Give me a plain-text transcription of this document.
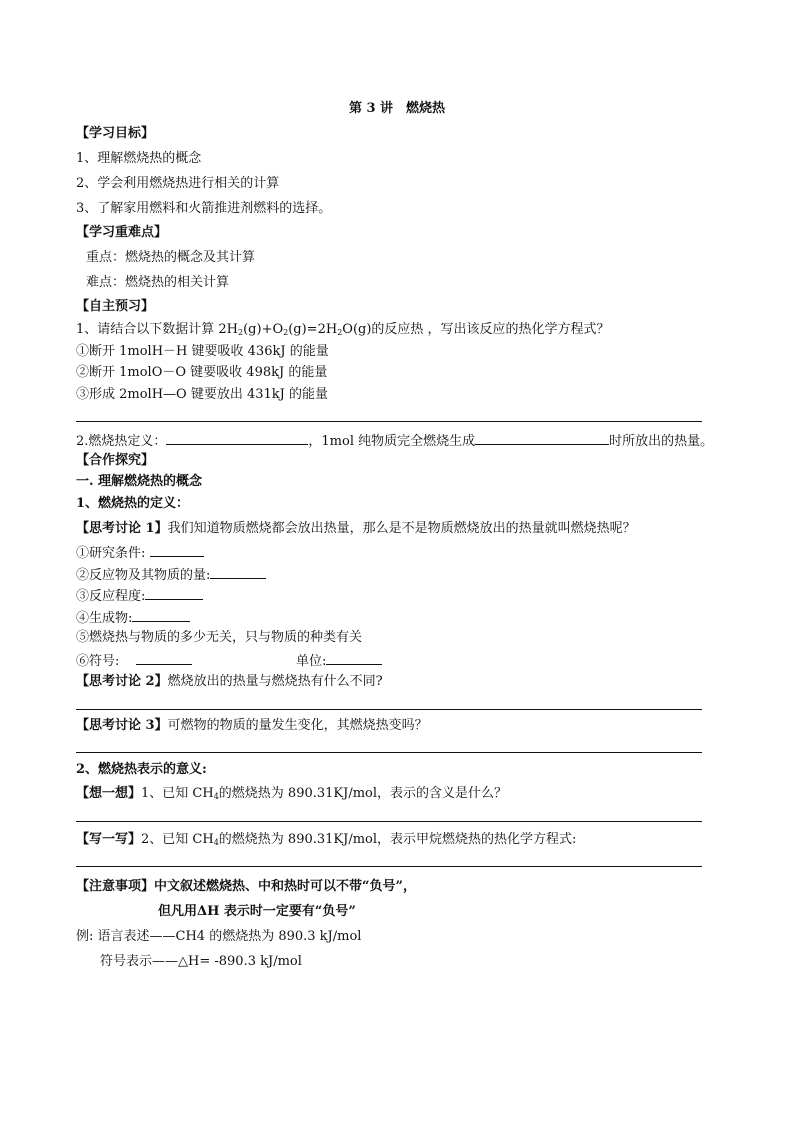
第 3 讲　燃烧热
【学习目标】
1、理解燃烧热的概念
2、学会利用燃烧热进行相关的计算
3、了解家用燃料和火箭推进剂燃料的选择。
【学习重难点】
重点：燃烧热的概念及其计算
难点：燃烧热的相关计算
【自主预习】
1、请结合以下数据计算 $2H_2(g)+O_2(g)=2H_2O(g)$的反应热 ，写出该反应的热化学方程式？
①断开 1molH－H 键要吸收 436kJ 的能量
②断开 1molO－O 键要吸收 498kJ 的能量
③形成 2molH—O 键要放出 431kJ 的能量
2.燃烧热定义：	，1mol 纯物质完全燃烧生成	时所放出的热量。
【合作探究】
一. 理解燃烧热的概念
1、燃烧热的定义：
【思考讨论 1】我们知道物质燃烧都会放出热量，那么是不是物质燃烧放出的热量就叫燃烧热呢？
①研究条件:
②反应物及其物质的量:
③反应程度:
④生成物:
⑤燃烧热与物质的多少无关，只与物质的种类有关
⑥符号:	单位:
【思考讨论 2】燃烧放出的热量与燃烧热有什么不同?
【思考讨论 3】可燃物的物质的量发生变化，其燃烧热变吗？
2、燃烧热表示的意义:
【想一想】1、已知 $CH_4$的燃烧热为 890.31KJ/mol，表示的含义是什么？
【写一写】2、已知 $CH_4$的燃烧热为 890.31KJ/mol，表示甲烷燃烧热的热化学方程式:
【注意事项】中文叙述燃烧热、中和热时可以不带“负号”，
但凡用ΔH 表示时一定要有“负号”
例: 语言表述——CH4 的燃烧热为 890.3 kJ/mol
符号表示——△H= -890.3 kJ/mol
